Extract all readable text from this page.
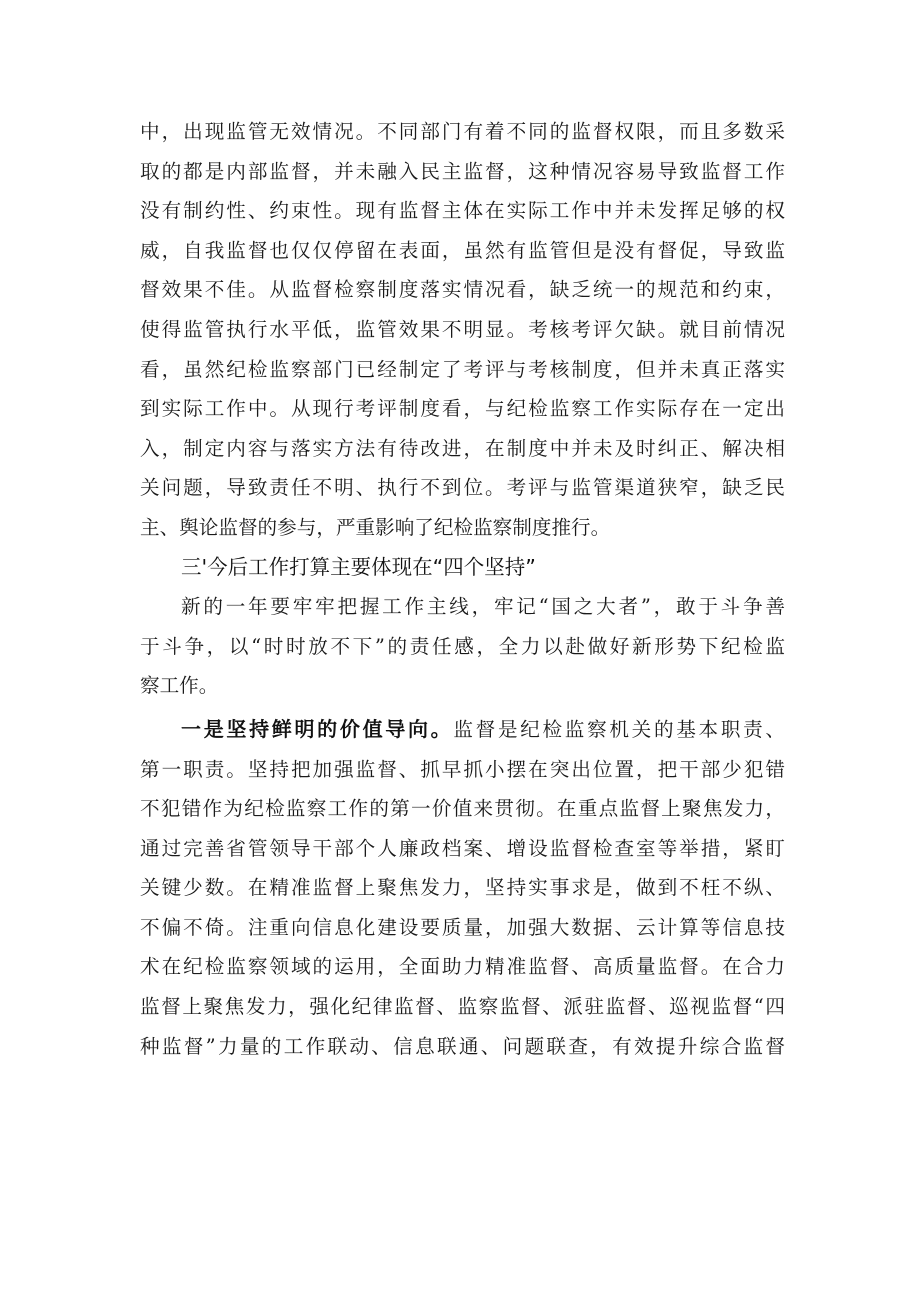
中，出现监管无效情况。不同部门有着不同的监督权限，而且多数采
取的都是内部监督，并未融入民主监督，这种情况容易导致监督工作
没有制约性、约束性。现有监督主体在实际工作中并未发挥足够的权
威，自我监督也仅仅停留在表面，虽然有监管但是没有督促，导致监
督效果不佳。从监督检察制度落实情况看，缺乏统一的规范和约束，
使得监管执行水平低，监管效果不明显。考核考评欠缺。就目前情况
看，虽然纪检监察部门已经制定了考评与考核制度，但并未真正落实
到实际工作中。从现行考评制度看，与纪检监察工作实际存在一定出
入，制定内容与落实方法有待改进，在制度中并未及时纠正、解决相
关问题，导致责任不明、执行不到位。考评与监管渠道狭窄，缺乏民
主、舆论监督的参与，严重影响了纪检监察制度推行。
三'今后工作打算主要体现在“四个坚持”
新的一年要牢牢把握工作主线，牢记“国之大者”，敢于斗争善
于斗争，以“时时放不下”的责任感，全力以赴做好新形势下纪检监
察工作。
一是坚持鲜明的价值导向。监督是纪检监察机关的基本职责、
第一职责。坚持把加强监督、抓早抓小摆在突出位置，把干部少犯错
不犯错作为纪检监察工作的第一价值来贯彻。在重点监督上聚焦发力，
通过完善省管领导干部个人廉政档案、增设监督检查室等举措，紧盯
关键少数。在精准监督上聚焦发力，坚持实事求是，做到不枉不纵、
不偏不倚。注重向信息化建设要质量，加强大数据、云计算等信息技
术在纪检监察领域的运用，全面助力精准监督、高质量监督。在合力
监督上聚焦发力，强化纪律监督、监察监督、派驻监督、巡视监督“四
种监督”力量的工作联动、信息联通、问题联查，有效提升综合监督
